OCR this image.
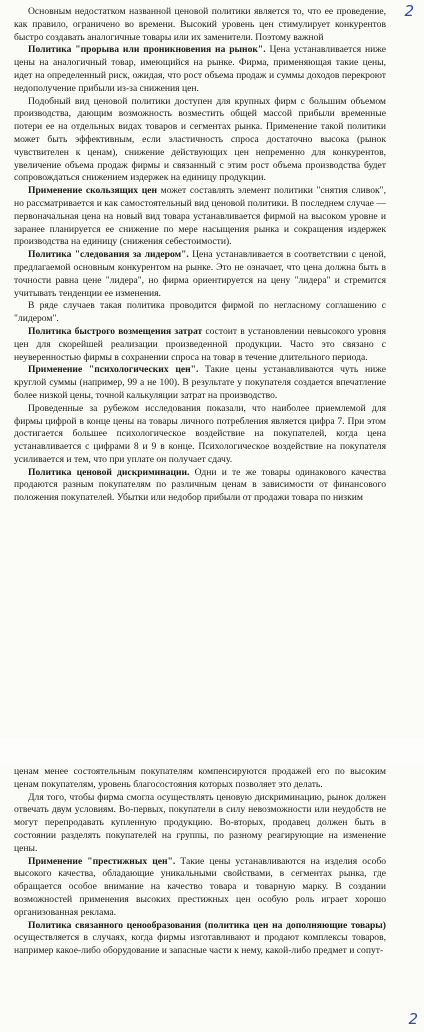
2

Основным недостатком названной ценовой политики является то, что ее проведение, как правило, ограничено во времени. Высокий уровень цен стимулирует конкурентов быстро создавать аналогичные товары или их заменители. Поэтому важной

Политика "прорыва или проникновения на рынок". Цена устанавливается ниже цены на аналогичный товар, имеющийся на рынке. Фирма, применяющая такие цены, идет на определенный риск, ожидая, что рост объема продаж и суммы доходов перекроют недополучение прибыли из-за снижения цен.

Подобный вид ценовой политики доступен для крупных фирм с большим объемом производства, дающим возможность возместить общей массой прибыли временные потери ее на отдельных видах товаров и сегментах рынка. Применение такой политики может быть эффективным, если эластичность спроса достаточно высока (рынок чувствителен к ценам), снижение действующих цен непременно для конкурентов, увеличение объема продаж фирмы и связанный с этим рост объема производства будет сопровождаться снижением издержек на единицу продукции.

Применение скользящих цен может составлять элемент политики "снятия сливок", но рассматривается и как самостоятельный вид ценовой политики. В последнем случае — первоначальная цена на новый вид товара устанавливается фирмой на высоком уровне и заранее планируется ее снижение по мере насыщения рынка и сокращения издержек производства на единицу (снижения себестоимости).

Политика "следования за лидером". Цена устанавливается в соответствии с ценой, предлагаемой основным конкурентом на рынке. Это не означает, что цена должна быть в точности равна цене "лидера", но фирма ориентируется на цену "лидера" и стремится учитывать тенденции ее изменения.

В ряде случаев такая политика проводится фирмой по негласному соглашению с "лидером".

Политика быстрого возмещения затрат состоит в установлении невысокого уровня цен для скорейшей реализации произведенной продукции. Часто это связано с неуверенностью фирмы в сохранении спроса на товар в течение длительного периода.

Применение "психологических цен". Такие цены устанавливаются чуть ниже круглой суммы (например, 99 а не 100). В результате у покупателя создается впечатление более низкой цены, точной калькуляции затрат на производство.

Проведенные за рубежом исследования показали, что наиболее приемлемой для фирмы цифрой в конце цены на товары личного потребления является цифра 7. При этом достигается большее психологическое воздействие на покупателей, когда цена устанавливается с цифрами 8 и 9 в конце. Психологическое воздействие на покупателя усиливается и тем, что при уплате он получает сдачу.

Политика ценовой дискриминации. Одни и те же товары одинакового качества продаются разным покупателям по различным ценам в зависимости от финансового положения покупателей. Убытки или недобор прибыли от продажи товара по низким

ценам менее состоятельным покупателям компенсируются продажей его по высоким ценам покупателям, уровень благосостояния которых позволяет это делать.

Для того, чтобы фирма смогла осуществлять ценовую дискриминацию, рынок должен отвечать двум условиям. Во-первых, покупатели в силу невозможности или неудобств не могут перепродавать купленную продукцию. Во-вторых, продавец должен быть в состоянии разделять покупателей на группы, по разному реагирующие на изменение цены.

Применение "престижных цен". Такие цены устанавливаются на изделия особо высокого качества, обладающие уникальными свойствами, в сегментах рынка, где обращается особое внимание на качество товара и товарную марку. В создании возможностей применения высоких престижных цен особую роль играет хорошо организованная реклама.

Политика связанного ценообразования (политика цен на дополняющие товары) осуществляется в случаях, когда фирмы изготавливают и продают комплексы товаров, например какое-либо оборудование и запасные части к нему, какой-либо предмет и сопут-

2
